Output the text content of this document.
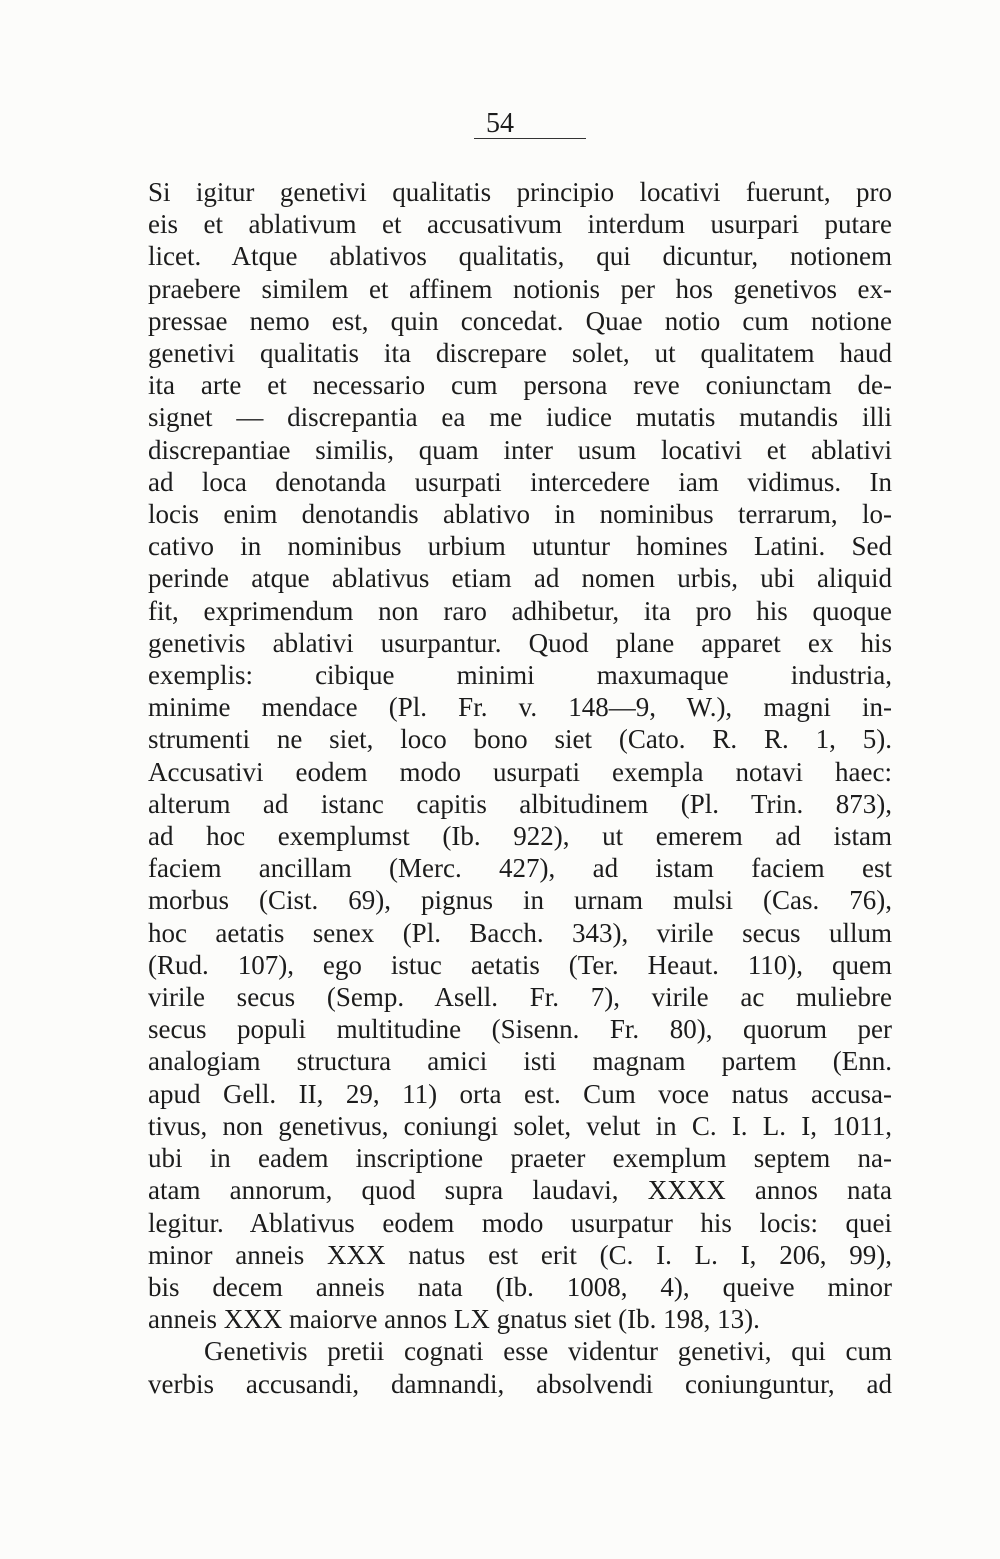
54
Si igitur genetivi qualitatis principio locativi fuerunt, pro
eis et ablativum et accusativum interdum usurpari putare
licet. Atque ablativos qualitatis, qui dicuntur, notionem
praebere similem et affinem notionis per hos genetivos ex-
pressae nemo est, quin concedat. Quae notio cum notione
genetivi qualitatis ita discrepare solet, ut qualitatem haud
ita arte et necessario cum persona reve coniunctam de-
signet — discrepantia ea me iudice mutatis mutandis illi
discrepantiae similis, quam inter usum locativi et ablativi
ad loca denotanda usurpati intercedere iam vidimus. In
locis enim denotandis ablativo in nominibus terrarum, lo-
cativo in nominibus urbium utuntur homines Latini. Sed
perinde atque ablativus etiam ad nomen urbis, ubi aliquid
fit, exprimendum non raro adhibetur, ita pro his quoque
genetivis ablativi usurpantur. Quod plane apparet ex his
exemplis: cibique minimi maxumaque industria,
minime mendace (Pl. Fr. v. 148—9, W.), magni in-
strumenti ne siet, loco bono siet (Cato. R. R. 1, 5).
Accusativi eodem modo usurpati exempla notavi haec:
alterum ad istanc capitis albitudinem (Pl. Trin. 873),
ad hoc exemplumst (Ib. 922), ut emerem ad istam
faciem ancillam (Merc. 427), ad istam faciem est
morbus (Cist. 69), pignus in urnam mulsi (Cas. 76),
hoc aetatis senex (Pl. Bacch. 343), virile secus ullum
(Rud. 107), ego istuc aetatis (Ter. Heaut. 110), quem
virile secus (Semp. Asell. Fr. 7), virile ac muliebre
secus populi multitudine (Sisenn. Fr. 80), quorum per
analogiam structura amici isti magnam partem (Enn.
apud Gell. II, 29, 11) orta est. Cum voce natus accusa-
tivus, non genetivus, coniungi solet, velut in C. I. L. I, 1011,
ubi in eadem inscriptione praeter exemplum septem na-
atam annorum, quod supra laudavi, XXXX annos nata
legitur. Ablativus eodem modo usurpatur his locis: quei
minor anneis XXX natus est erit (C. I. L. I, 206, 99),
bis decem anneis nata (Ib. 1008, 4), queive minor
anneis XXX maiorve annos LX gnatus siet (Ib. 198, 13).
Genetivis pretii cognati esse videntur genetivi, qui cum
verbis accusandi, damnandi, absolvendi coniunguntur, ad
